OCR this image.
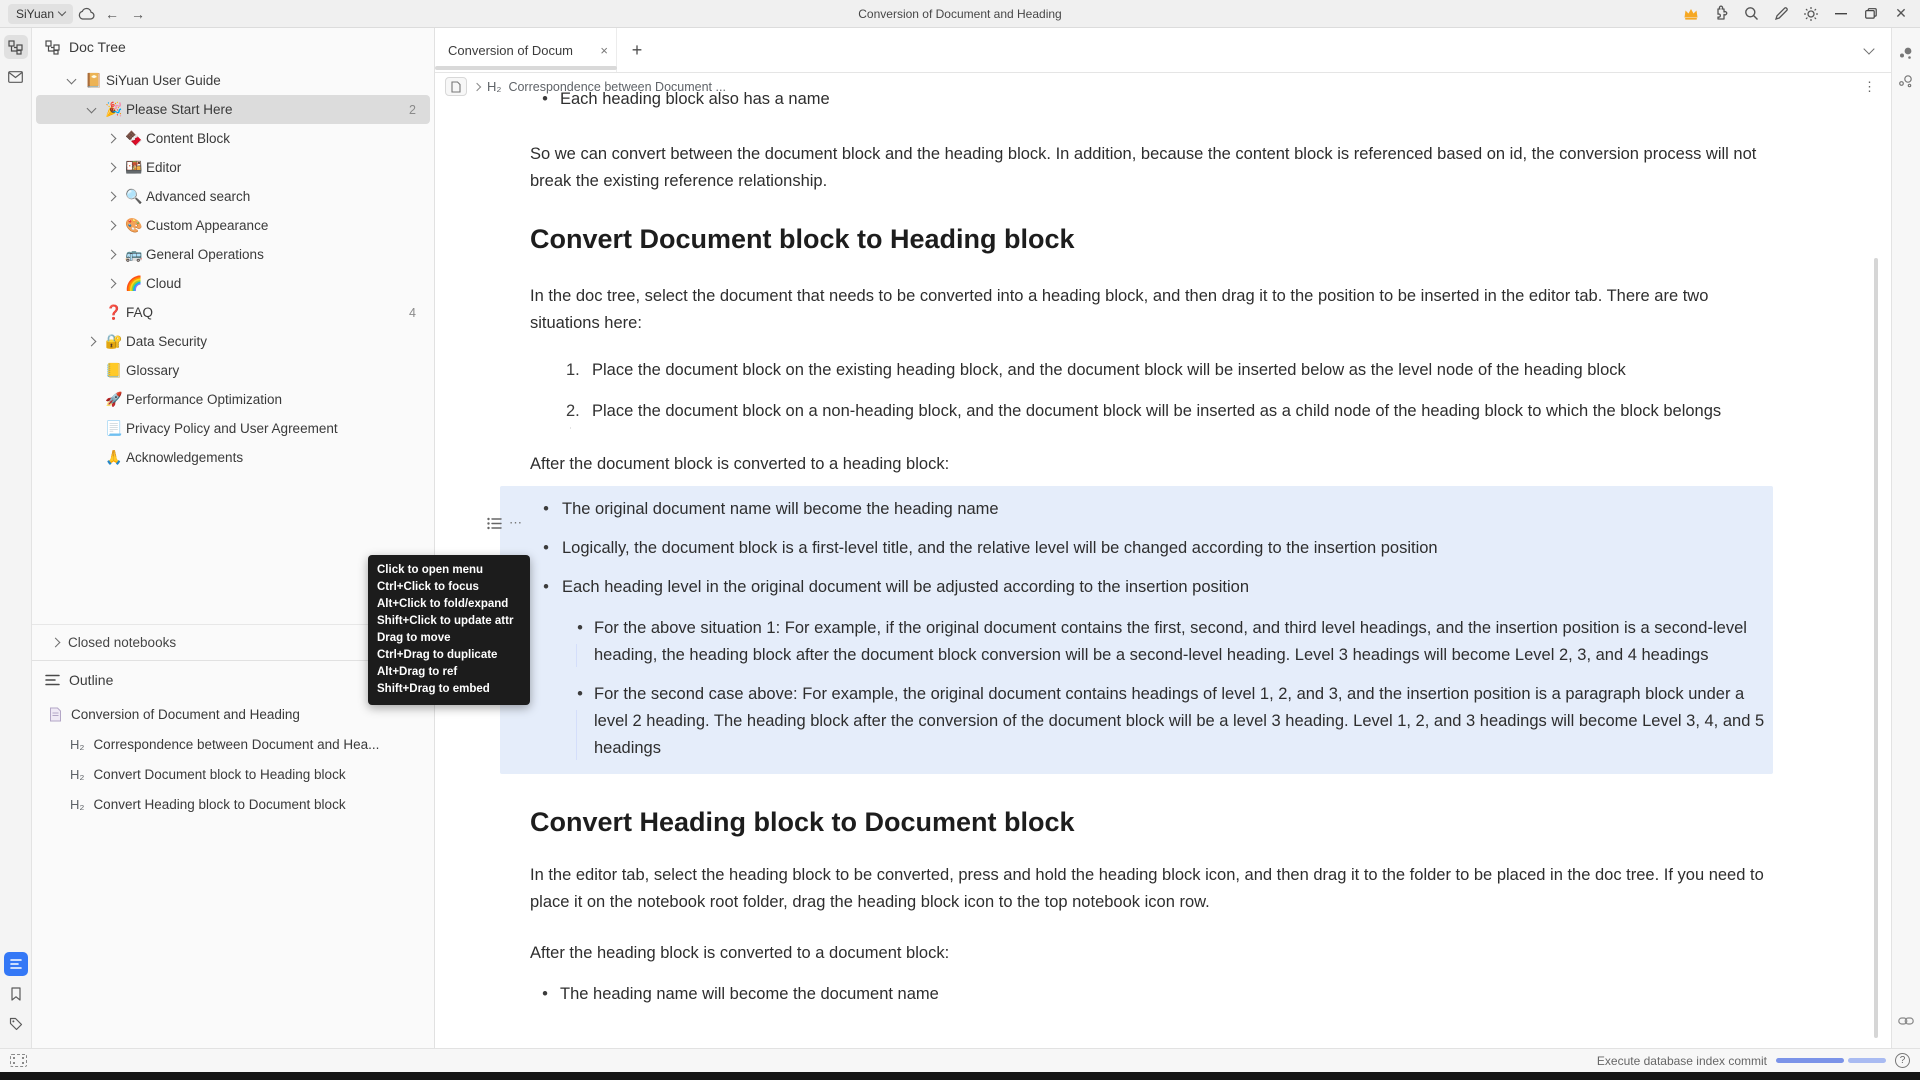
SiYuan	← →	Conversion of Document and Heading	✕
Doc Tree
📔 SiYuan User Guide
🎉 Please Start Here	2
🍫 Content Block
🍱 Editor
🔍 Advanced search
🎨 Custom Appearance
🚌 General Operations
🌈 Cloud
❓ FAQ	4
🔐 Data Security
📒 Glossary
🚀 Performance Optimization
📃 Privacy Policy and User Agreement
🙏 Acknowledgements
Closed notebooks
Outline
Conversion of Document and Heading
H₂ Correspondence between Document and Hea...
H₂ Convert Document block to Heading block
H₂ Convert Heading block to Document block
Conversion of Docum	×	+
H₂ Correspondence between Document ...	⋮
• Each heading block also has a name

So we can convert between the document block and the heading block. In addition, because the content block is referenced based on id, the conversion process will not break the existing reference relationship.

Convert Document block to Heading block

In the doc tree, select the document that needs to be converted into a heading block, and then drag it to the position to be inserted in the editor tab. There are two situations here:

1. Place the document block on the existing heading block, and the document block will be inserted below as the level node of the heading block
2. Place the document block on a non-heading block, and the document block will be inserted as a child node of the heading block to which the block belongs

After the document block is converted to a heading block:

• The original document name will become the heading name
• Logically, the document block is a first-level title, and the relative level will be changed according to the insertion position
• Each heading level in the original document will be adjusted according to the insertion position
• For the above situation 1: For example, if the original document contains the first, second, and third level headings, and the insertion position is a second-level heading, the heading block after the document block conversion will be a second-level heading. Level 3 headings will become Level 2, 3, and 4 headings
• For the second case above: For example, the original document contains headings of level 1, 2, and 3, and the insertion position is a paragraph block under a level 2 heading. The heading block after the conversion of the document block will be a level 3 heading. Level 1, 2, and 3 headings will become Level 3, 4, and 5 headings
Convert Heading block to Document block

In the editor tab, select the heading block to be converted, press and hold the heading block icon, and then drag it to the folder to be placed in the doc tree. If you need to place it on the notebook root folder, drag the heading block icon to the top notebook icon row.

After the heading block is converted to a document block:

• The heading name will become the document name
⋯
Execute database index commit	?
Click to open menu
Ctrl+Click to focus
Alt+Click to fold/expand
Shift+Click to update attr
Drag to move
Ctrl+Drag to duplicate
Alt+Drag to ref
Shift+Drag to embed
